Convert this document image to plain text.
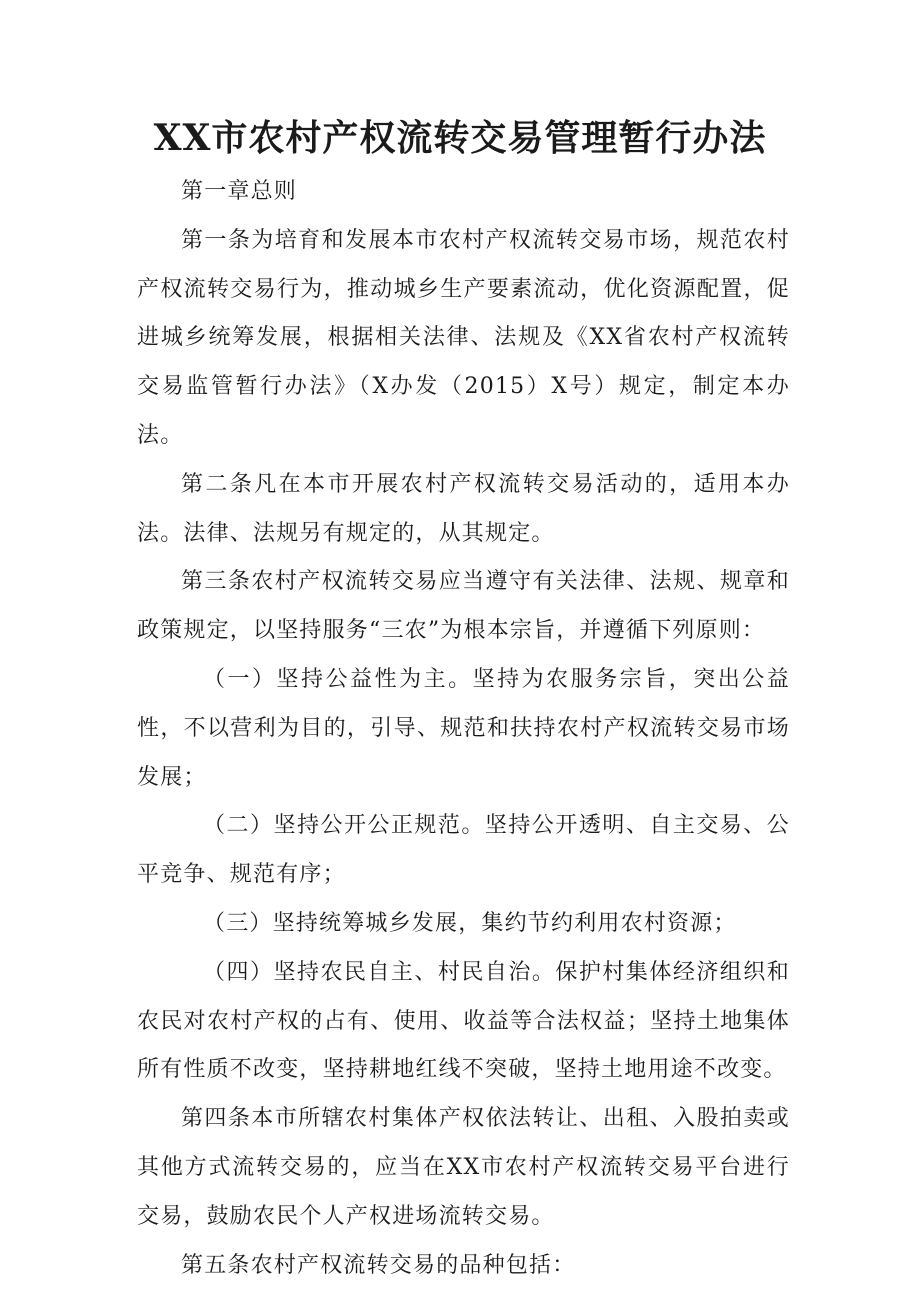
XX市农村产权流转交易管理暂行办法

第一章总则

第一条为培育和发展本市农村产权流转交易市场，规范农村产权流转交易行为，推动城乡生产要素流动，优化资源配置，促进城乡统筹发展，根据相关法律、法规及《XX省农村产权流转交易监管暂行办法》（X办发（2015）X号）规定，制定本办法。

第二条凡在本市开展农村产权流转交易活动的，适用本办法。法律、法规另有规定的，从其规定。

第三条农村产权流转交易应当遵守有关法律、法规、规章和政策规定，以坚持服务“三农”为根本宗旨，并遵循下列原则：

（一）坚持公益性为主。坚持为农服务宗旨，突出公益性，不以营利为目的，引导、规范和扶持农村产权流转交易市场发展；

（二）坚持公开公正规范。坚持公开透明、自主交易、公平竞争、规范有序；

（三）坚持统筹城乡发展，集约节约利用农村资源；

（四）坚持农民自主、村民自治。保护村集体经济组织和农民对农村产权的占有、使用、收益等合法权益；坚持土地集体所有性质不改变，坚持耕地红线不突破，坚持土地用途不改变。

第四条本市所辖农村集体产权依法转让、出租、入股拍卖或其他方式流转交易的，应当在XX市农村产权流转交易平台进行交易，鼓励农民个人产权进场流转交易。

第五条农村产权流转交易的品种包括：
